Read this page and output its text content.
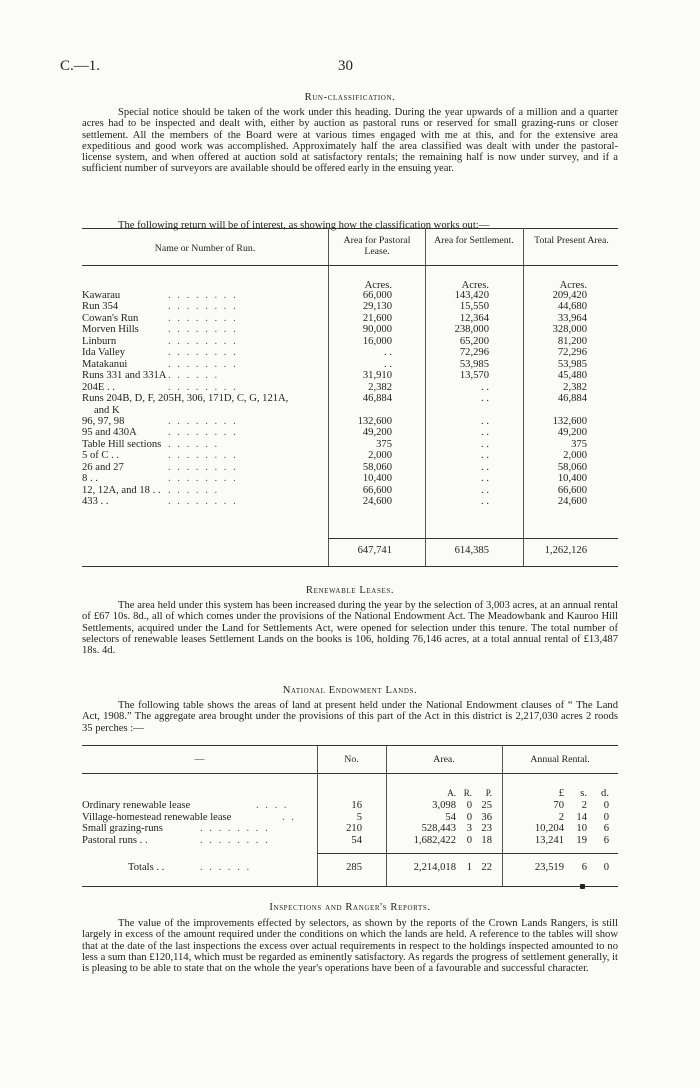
C.—1.	30
Run-classification.

Special notice should be taken of the work under this heading. During the year upwards of a million and a quarter acres had to be inspected and dealt with, either by auction as pastoral runs or reserved for small grazing-runs or closer settlement. All the members of the Board were at various times engaged with me at this, and for the extensive area expeditious and good work was accomplished. Approximately half the area classified was dealt with under the pastoral-license system, and when offered at auction sold at satisfactory rentals; the remaining half is now under survey, and if a sufficient number of surveyors are available should be offered early in the ensuing year.

The following return will be of interest, as showing how the classification works out:—

Name or Number of Run.
Area for Pastoral Lease.
Area for Settlement.	Total Present Area.
Acres.	Acres.	Acres.
Kawarau	. . . . . . . .	66,000	143,420	209,420
Run 354	. . . . . . . .	29,130	15,550	44,680
Cowan's Run	. . . . . . . .	21,600	12,364	33,964
Morven Hills	. . . . . . . .	90,000	238,000	328,000
Linburn	. . . . . . . .	16,000	65,200	81,200
Ida Valley	. . . . . . . .	. .	72,296	72,296
Matakanui	. . . . . . . .	. .	53,985	53,985
Runs 331 and 331A . . . . . .	31,910	13,570	45,480
204E . .	. . . . . . . .	2,382	. .	2,382
Runs 204B, D, F, 205H, 306, 171D, C, G, 121A,	46,884	. .	46,884
and K
96, 97, 98	. . . . . . . .	132,600	. .	132,600
95 and 430A	. . . . . . . .	49,200	. .	49,200
Table Hill sections . . . . . .	375	. .	375
5 of C . .	. . . . . . . .	2,000	. .	2,000
26 and 27	. . . . . . . .	58,060	. .	58,060
8 . .	. . . . . . . .	10,400	. .	10,400
12, 12A, and 18 . . . . . . . .	66,600	. .	66,600
433 . .	. . . . . . . .	24,600	. .	24,600
647,741	614,385	1,262,126
Renewable Leases.

The area held under this system has been increased during the year by the selection of 3,003 acres, at an annual rental of £67 10s. 8d., all of which comes under the provisions of the National Endowment Act. The Meadowbank and Kauroo Hill Settlements, acquired under the Land for Settlements Act, were opened for selection under this tenure. The total number of selectors of renewable leases Settlement Lands on the books is 106, holding 76,146 acres, at a total annual rental of £13,487 18s. 4d.

National Endowment Lands.

The following table shows the areas of land at present held under the National Endowment clauses of “ The Land Act, 1908.” The aggregate area brought under the provisions of this part of the Act in this district is 2,217,030 acres 2 roods 35 perches :—

—	No.	Area.	Annual Rental.
A. R.	P.	£	s.	d.
Ordinary renewable lease	. . . .	16	3,098	0 25	70	2	0
Village-homestead renewable lease	. .	5	54	0 36	2	14	0
Small grazing-runs	. . . . . . . .	210	528,443	3 23	10,204	10	6
Pastoral runs . .	. . . . . . . .	54	1,682,422	0 18	13,241	19	6
Totals . .	. . . . . .	285	2,214,018	1 22	23,519	6	0
Inspections and Ranger's Reports.

The value of the improvements effected by selectors, as shown by the reports of the Crown Lands Rangers, is still largely in excess of the amount required under the conditions on which the lands are held. A reference to the tables will show that at the date of the last inspections the excess over actual requirements in respect to the holdings inspected amounted to no less a sum than £120,114, which must be regarded as eminently satisfactory. As regards the progress of settlement generally, it is pleasing to be able to state that on the whole the year's operations have been of a favourable and successful character.
